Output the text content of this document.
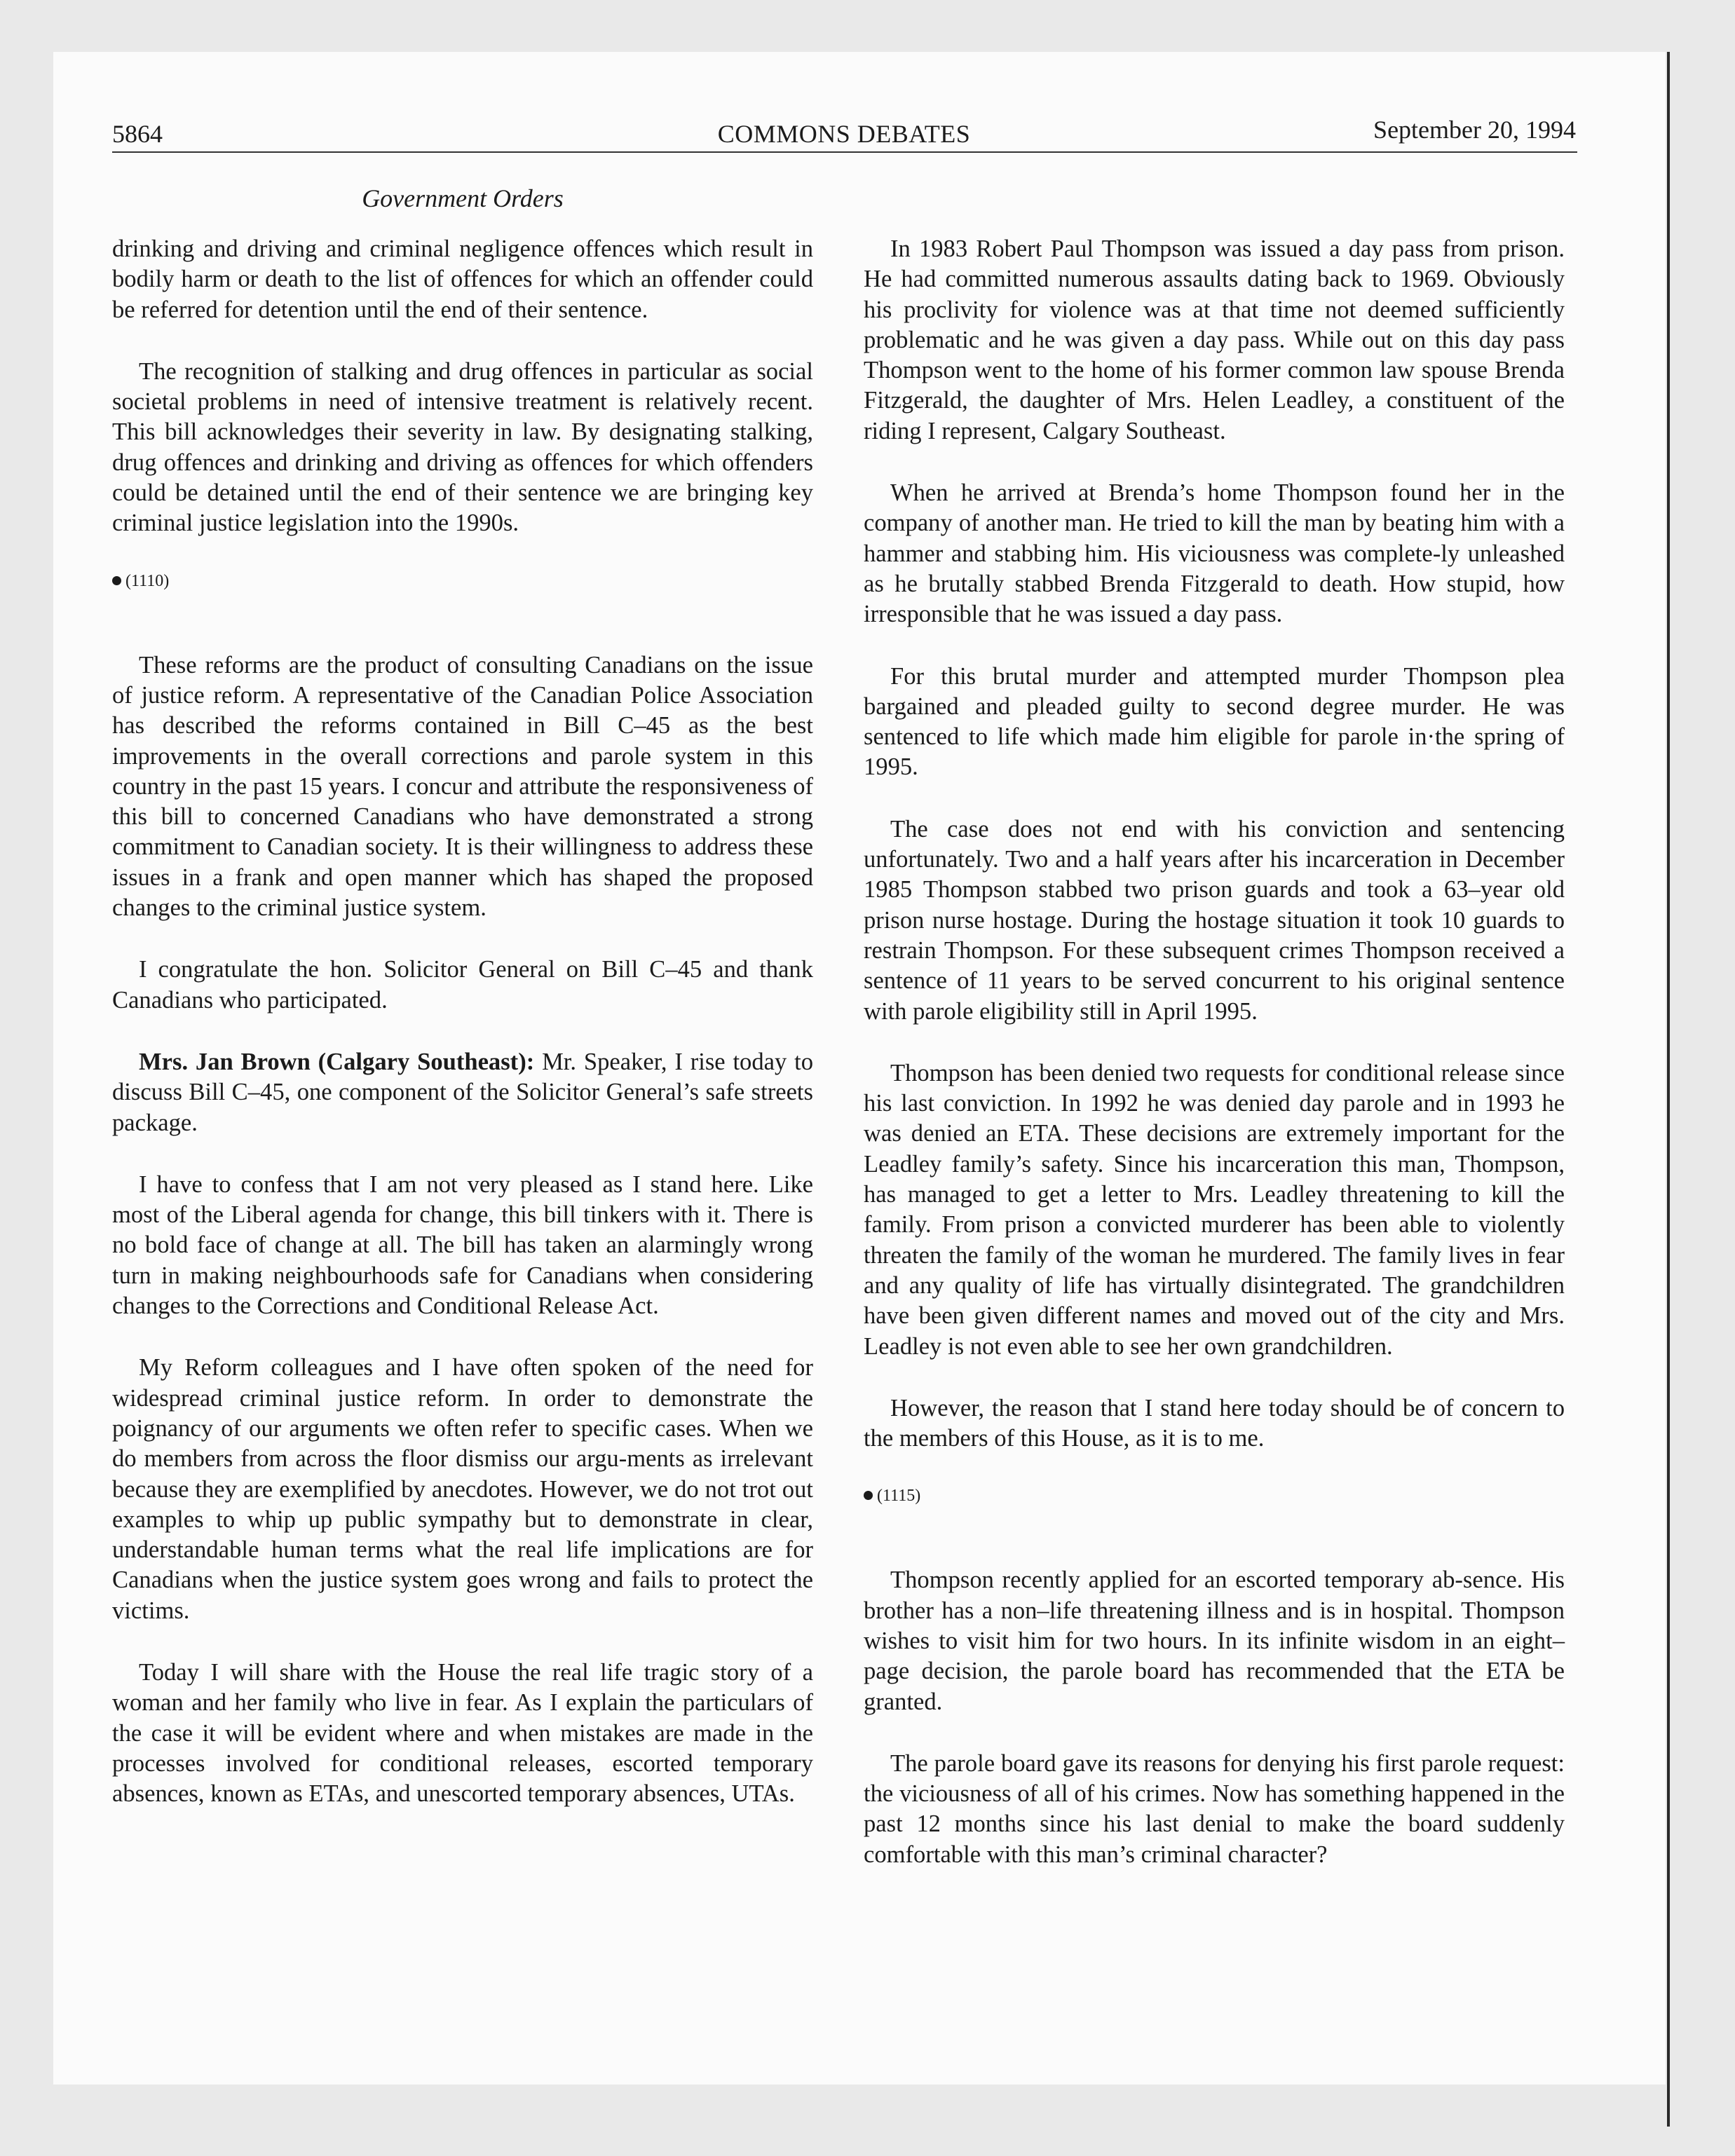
5864	COMMONS DEBATES	September 20, 1994
Government Orders

drinking and driving and criminal negligence offences which result in bodily harm or death to the list of offences for which an offender could be referred for detention until the end of their sentence.

The recognition of stalking and drug offences in particular as social societal problems in need of intensive treatment is relatively recent. This bill acknowledges their severity in law. By designating stalking, drug offences and drinking and driving as offences for which offenders could be detained until the end of their sentence we are bringing key criminal justice legislation into the 1990s.

(1110)

These reforms are the product of consulting Canadians on the issue of justice reform. A representative of the Canadian Police Association has described the reforms contained in Bill C–45 as the best improvements in the overall corrections and parole system in this country in the past 15 years. I concur and attribute the responsiveness of this bill to concerned Canadians who have demonstrated a strong commitment to Canadian society. It is their willingness to address these issues in a frank and open manner which has shaped the proposed changes to the criminal justice system.

I congratulate the hon. Solicitor General on Bill C–45 and thank Canadians who participated.

Mrs. Jan Brown (Calgary Southeast): Mr. Speaker, I rise today to discuss Bill C–45, one component of the Solicitor General’s safe streets package.

I have to confess that I am not very pleased as I stand here. Like most of the Liberal agenda for change, this bill tinkers with it. There is no bold face of change at all. The bill has taken an alarmingly wrong turn in making neighbourhoods safe for Canadians when considering changes to the Corrections and Conditional Release Act.

My Reform colleagues and I have often spoken of the need for widespread criminal justice reform. In order to demonstrate the poignancy of our arguments we often refer to specific cases. When we do members from across the floor dismiss our argu-ments as irrelevant because they are exemplified by anecdotes. However, we do not trot out examples to whip up public sympathy but to demonstrate in clear, understandable human terms what the real life implications are for Canadians when the justice system goes wrong and fails to protect the victims.

Today I will share with the House the real life tragic story of a woman and her family who live in fear. As I explain the particulars of the case it will be evident where and when mistakes are made in the processes involved for conditional releases, escorted temporary absences, known as ETAs, and unescorted temporary absences, UTAs.

In 1983 Robert Paul Thompson was issued a day pass from prison. He had committed numerous assaults dating back to 1969. Obviously his proclivity for violence was at that time not deemed sufficiently problematic and he was given a day pass. While out on this day pass Thompson went to the home of his former common law spouse Brenda Fitzgerald, the daughter of Mrs. Helen Leadley, a constituent of the riding I represent, Calgary Southeast.

When he arrived at Brenda’s home Thompson found her in the company of another man. He tried to kill the man by beating him with a hammer and stabbing him. His viciousness was complete-ly unleashed as he brutally stabbed Brenda Fitzgerald to death. How stupid, how irresponsible that he was issued a day pass.

For this brutal murder and attempted murder Thompson plea bargained and pleaded guilty to second degree murder. He was sentenced to life which made him eligible for parole in·the spring of 1995.

The case does not end with his conviction and sentencing unfortunately. Two and a half years after his incarceration in December 1985 Thompson stabbed two prison guards and took a 63–year old prison nurse hostage. During the hostage situation it took 10 guards to restrain Thompson. For these subsequent crimes Thompson received a sentence of 11 years to be served concurrent to his original sentence with parole eligibility still in April 1995.

Thompson has been denied two requests for conditional release since his last conviction. In 1992 he was denied day parole and in 1993 he was denied an ETA. These decisions are extremely important for the Leadley family’s safety. Since his incarceration this man, Thompson, has managed to get a letter to Mrs. Leadley threatening to kill the family. From prison a convicted murderer has been able to violently threaten the family of the woman he murdered. The family lives in fear and any quality of life has virtually disintegrated. The grandchildren have been given different names and moved out of the city and Mrs. Leadley is not even able to see her own grandchildren.

However, the reason that I stand here today should be of concern to the members of this House, as it is to me.

(1115)

Thompson recently applied for an escorted temporary ab-sence. His brother has a non–life threatening illness and is in hospital. Thompson wishes to visit him for two hours. In its infinite wisdom in an eight–page decision, the parole board has recommended that the ETA be granted.

The parole board gave its reasons for denying his first parole request: the viciousness of all of his crimes. Now has something happened in the past 12 months since his last denial to make the board suddenly comfortable with this man’s criminal character?
